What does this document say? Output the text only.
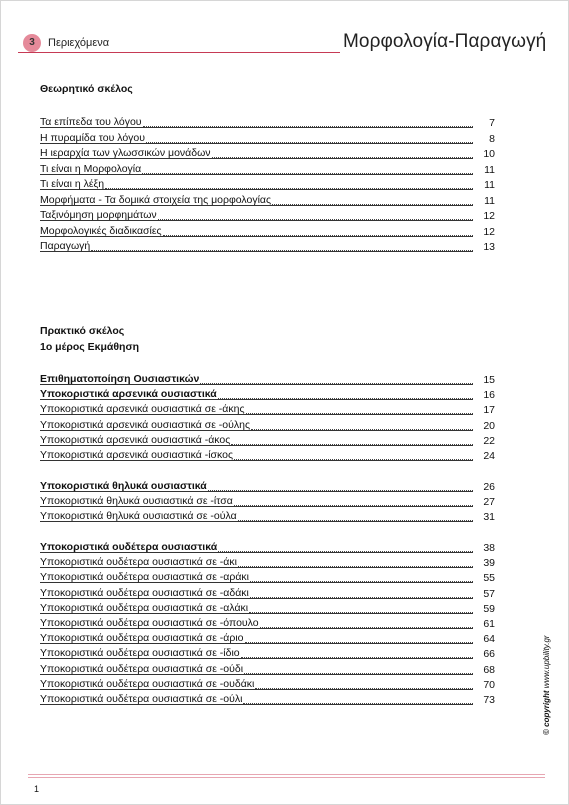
3	Περιεχόμενα	Μορφολογία-Παραγωγή
Θεωρητικό σκέλος
Τα επίπεδα του λόγου	7
Η πυραμίδα του λόγου	8
Η ιεραρχία των γλωσσικών μονάδων	10
Τι είναι η Μορφολογία	11
Τι είναι η λέξη	11
Μορφήματα - Τα δομικά στοιχεία της μορφολογίας	11
Ταξινόμηση μορφημάτων	12
Μορφολογικές διαδικασίες	12
Παραγωγή	13
Πρακτικό σκέλος
1ο μέρος Εκμάθηση
Επιθηματοποίηση Ουσιαστικών	15
Υποκοριστικά αρσενικά ουσιαστικά	16
Υποκοριστικά αρσενικά ουσιαστικά σε -άκης	17
Υποκοριστικά αρσενικά ουσιαστικά σε -ούλης	20
Υποκοριστικά αρσενικά ουσιαστικά -άκος	22
Υποκοριστικά αρσενικά ουσιαστικά -ίσκος	24
Υποκοριστικά θηλυκά ουσιαστικά	26
Υποκοριστικά θηλυκά ουσιαστικά σε -ίτσα	27
Υποκοριστικά θηλυκά ουσιαστικά σε -ούλα	31
Υποκοριστικά ουδέτερα ουσιαστικά	38
Υποκοριστικά ουδέτερα ουσιαστικά σε -άκι	39
Υποκοριστικά ουδέτερα ουσιαστικά σε -αράκι	55
Υποκοριστικά ουδέτερα ουσιαστικά σε -αδάκι	57
Υποκοριστικά ουδέτερα ουσιαστικά σε -αλάκι	59
Υποκοριστικά ουδέτερα ουσιαστικά σε -όπουλο	61
Υποκοριστικά ουδέτερα ουσιαστικά σε -άριο	64
Υποκοριστικά ουδέτερα ουσιαστικά σε -ίδιο	66
Υποκοριστικά ουδέτερα ουσιαστικά σε -ούδι	68
Υποκοριστικά ουδέτερα ουσιαστικά σε -ουδάκι	70
Υποκοριστικά ουδέτερα ουσιαστικά σε -ούλι	73	© copyright www.upbility.gr
1
